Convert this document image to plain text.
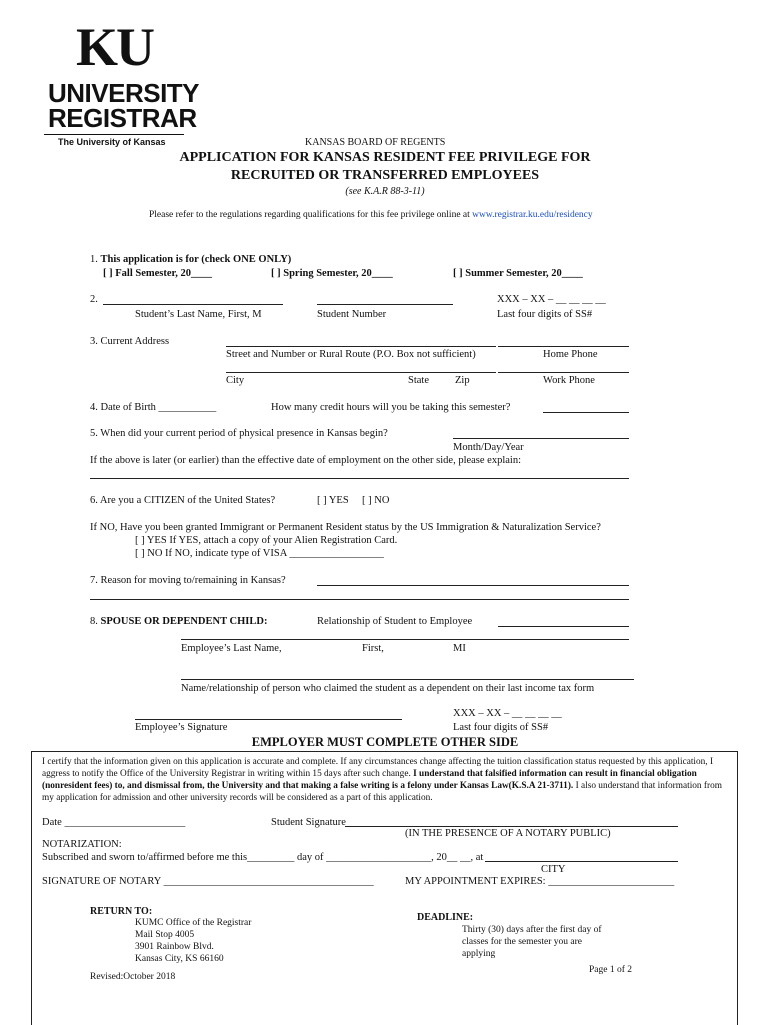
KU
UNIVERSITY
REGISTRAR
The University of Kansas	KANSAS BOARD OF REGENTS
APPLICATION FOR KANSAS RESIDENT FEE PRIVILEGE FOR
RECRUITED OR TRANSFERRED EMPLOYEES
(see K.A.R 88-3-11)
Please refer to the regulations regarding qualifications for this fee privilege online at www.registrar.ku.edu/residency
1. This application is for (check ONE ONLY)
[ ] Fall Semester, 20____	[ ] Spring Semester, 20____	[ ] Summer Semester, 20____
2.	XXX – XX – __ __ __ __
Student’s Last Name, First, M	Student Number	Last four digits of SS#
3. Current Address
Street and Number or Rural Route (P.O. Box not sufficient)	Home Phone
City	State Zip	Work Phone
4. Date of Birth ___________	How many credit hours will you be taking this semester?
5. When did your current period of physical presence in Kansas begin?
Month/Day/Year
If the above is later (or earlier) than the effective date of employment on the other side, please explain:
6. Are you a CITIZEN of the United States?	[ ] YES [ ] NO
If NO, Have you been granted Immigrant or Permanent Resident status by the US Immigration & Naturalization Service?
[ ] YES If YES, attach a copy of your Alien Registration Card.
[ ] NO If NO, indicate type of VISA __________________
7. Reason for moving to/remaining in Kansas?
8. SPOUSE OR DEPENDENT CHILD:	Relationship of Student to Employee
Employee’s Last Name,	First,	MI
Name/relationship of person who claimed the student as a dependent on their last income tax form
XXX – XX – __ __ __ __
Employee’s Signature	Last four digits of SS#
EMPLOYER MUST COMPLETE OTHER SIDE
I certify that the information given on this application is accurate and complete. If any circumstances change affecting the tuition classification status requested by this application, I aggress to notify the Office of the University Registrar in writing within 15 days after such change. I understand that falsified information can result in financial obligation (nonresident fees) to, and dismissal from, the University and that making a false writing is a felony under Kansas Law(K.S.A 21-3711). I also understand that information from my application for admission and other university records will be considered as a part of this application.
Date _______________________	Student Signature
(IN THE PRESENCE OF A NOTARY PUBLIC)
NOTARIZATION:
Subscribed and sworn to/affirmed before me this_________ day of ____________________, 20__ __, at
CITY
SIGNATURE OF NOTARY ________________________________________	MY APPOINTMENT EXPIRES: ________________________
RETURN TO:
KUMC Office of the Registrar
Mail Stop 4005
3901 Rainbow Blvd.
Kansas City, KS 66160
DEADLINE:
Thirty (30) days after the first day of
classes for the semester you are
applying
Revised:October 2018
Page 1 of 2
